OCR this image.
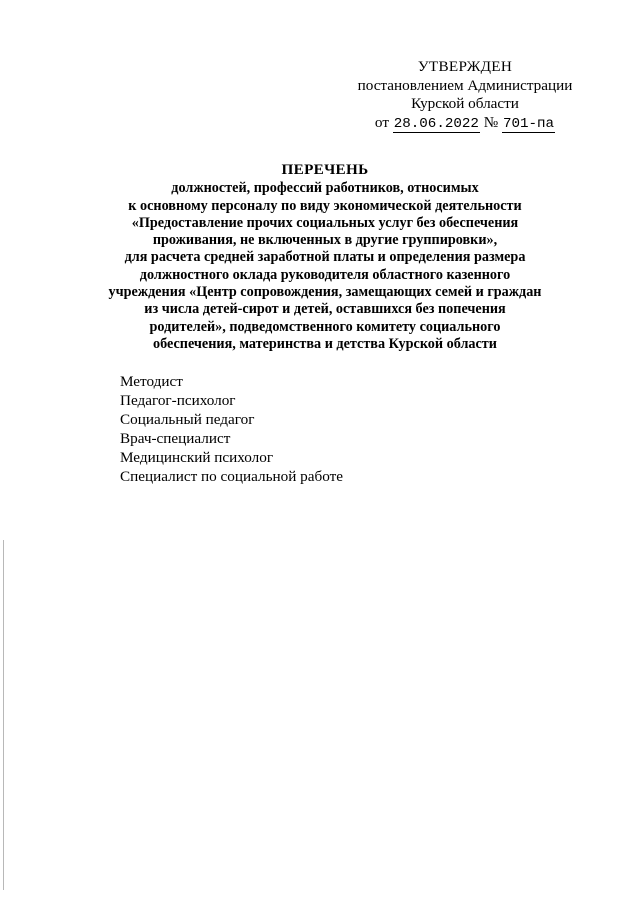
УТВЕРЖДЕН
постановлением Администрации
Курской области
от 28.06.2022 № 701-па
ПЕРЕЧЕНЬ
должностей, профессий работников, относимых
к основному персоналу по виду экономической деятельности
«Предоставление прочих социальных услуг без обеспечения
проживания, не включенных в другие группировки»,
для расчета средней заработной платы и определения размера
должностного оклада руководителя областного казенного
учреждения «Центр сопровождения, замещающих семей и граждан
из числа детей-сирот и детей, оставшихся без попечения
родителей», подведомственного комитету социального
обеспечения, материнства и детства Курской области
Методист
Педагог-психолог
Социальный педагог
Врач-специалист
Медицинский психолог
Специалист по социальной работе
